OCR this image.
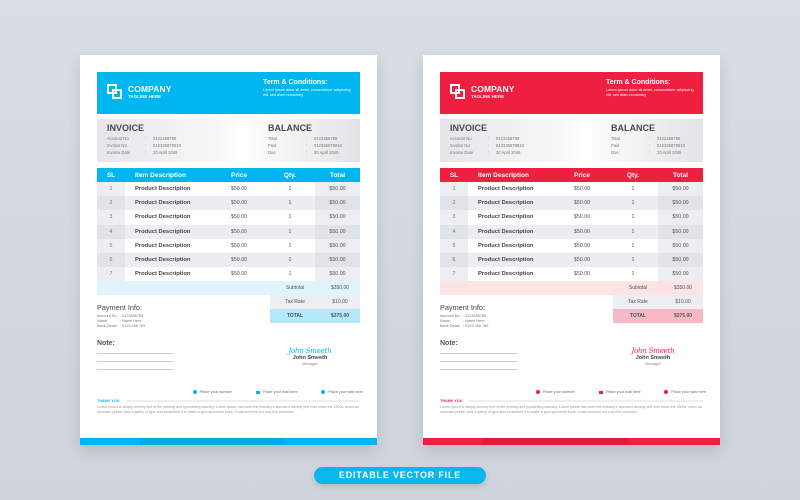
COMPANY
TAGLINE HERE
Term & Conditions:
Lorem ipsum dolor sit amet, consectetuer adipiscing elit, sed diam nonummy
INVOICE
Account No	:	0123456789
Invoice No	:	012345678910
Invoice Date	:	30 April 2045
BALANCE
Total	:	0123456789
Paid	:	012345678910
Due	:	30 April 2045
SL	Item Description	Price	Qty.	Total
1	Product Description	$50.00	1	$50.00
2	Product Description	$50.00	1	$50.00
3	Product Description	$50.00	1	$50.00
4	Product Description	$50.00	1	$50.00
5	Product Description	$50.00	1	$50.00
6	Product Description	$50.00	1	$50.00
7	Product Description	$50.00	1	$50.00
Subtotal	$350.00
Tax Rate	$10.00
TOTAL	$375.00
Payment Info:
Account No : 0123456789
Name	: Name Here
Bank Detail : 0123 456 789
Note:
John Smeeth
John Smeeth
Manager
Place your number	Place your mail here	Place your web here
THANK YOU
Lorem Ipsum is simply dummy text of the printing and typesetting industry. Lorem Ipsum has been the industry's standard dummy text ever since the 1500s, when an unknown printer took a galley of type and scrambled it to make a type specimen book. It has survived not only five centuries.
COMPANY
TAGLINE HERE
Term & Conditions:
Lorem ipsum dolor sit amet, consectetuer adipiscing elit, sed diam nonummy
INVOICE
Account No	:	0123456789
Invoice No	:	012345678910
Invoice Date	:	30 April 2045
BALANCE
Total	:	0123456789
Paid	:	012345678910
Due	:	30 April 2045
SL	Item Description	Price	Qty.	Total
1	Product Description	$50.00	1	$50.00
2	Product Description	$50.00	1	$50.00
3	Product Description	$50.00	1	$50.00
4	Product Description	$50.00	1	$50.00
5	Product Description	$50.00	1	$50.00
6	Product Description	$50.00	1	$50.00
7	Product Description	$50.00	1	$50.00
Subtotal	$350.00
Tax Rate	$10.00
TOTAL	$375.00
Payment Info:
Account No : 0123456789
Name	: Name Here
Bank Detail : 0123 456 789
Note:
John Smeeth
John Smeeth
Manager
Place your number	Place your mail here	Place your web here
THANK YOU
Lorem Ipsum is simply dummy text of the printing and typesetting industry. Lorem Ipsum has been the industry's standard dummy text ever since the 1500s, when an unknown printer took a galley of type and scrambled it to make a type specimen book. It has survived not only five centuries.
EDITABLE VECTOR FILE
